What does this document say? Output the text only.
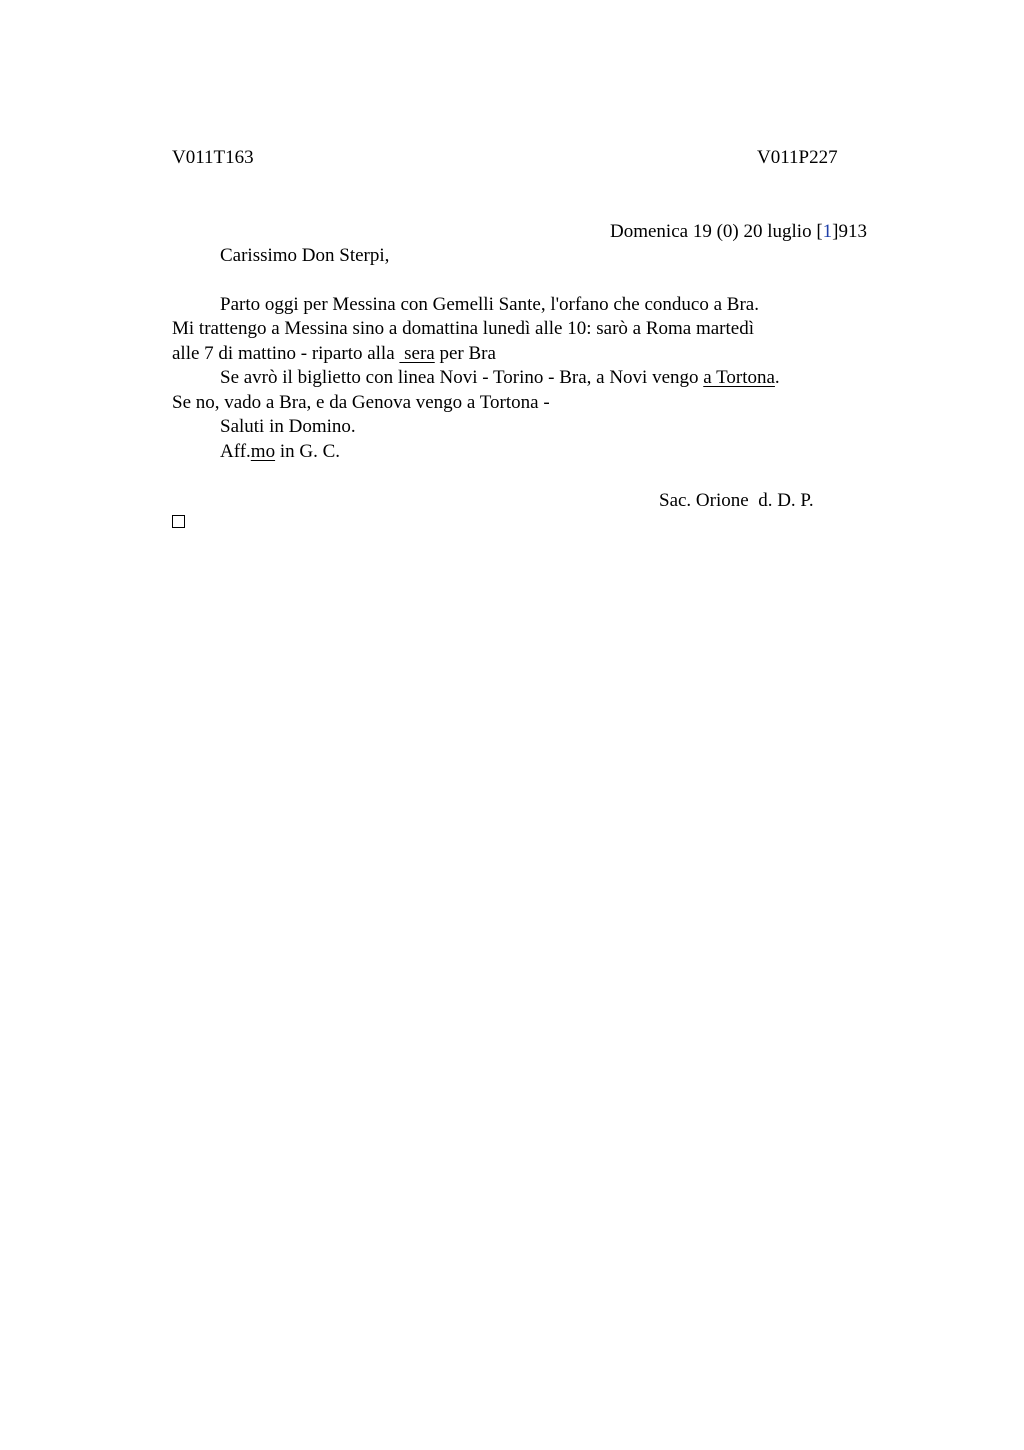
V011T163	V011P227
Domenica 19 (0) 20 luglio [1]913
Carissimo Don Sterpi,
Parto oggi per Messina con Gemelli Sante, l'orfano che conduco a Bra.
Mi trattengo a Messina sino a domattina lunedì alle 10: sarò a Roma martedì
alle 7 di mattino - riparto alla  sera per Bra
Se avrò il biglietto con linea Novi - Torino - Bra, a Novi vengo a Tortona.
Se no, vado a Bra, e da Genova vengo a Tortona -
Saluti in Domino.
Aff.mo in G. C.
Sac. Orione  d. D. P.
